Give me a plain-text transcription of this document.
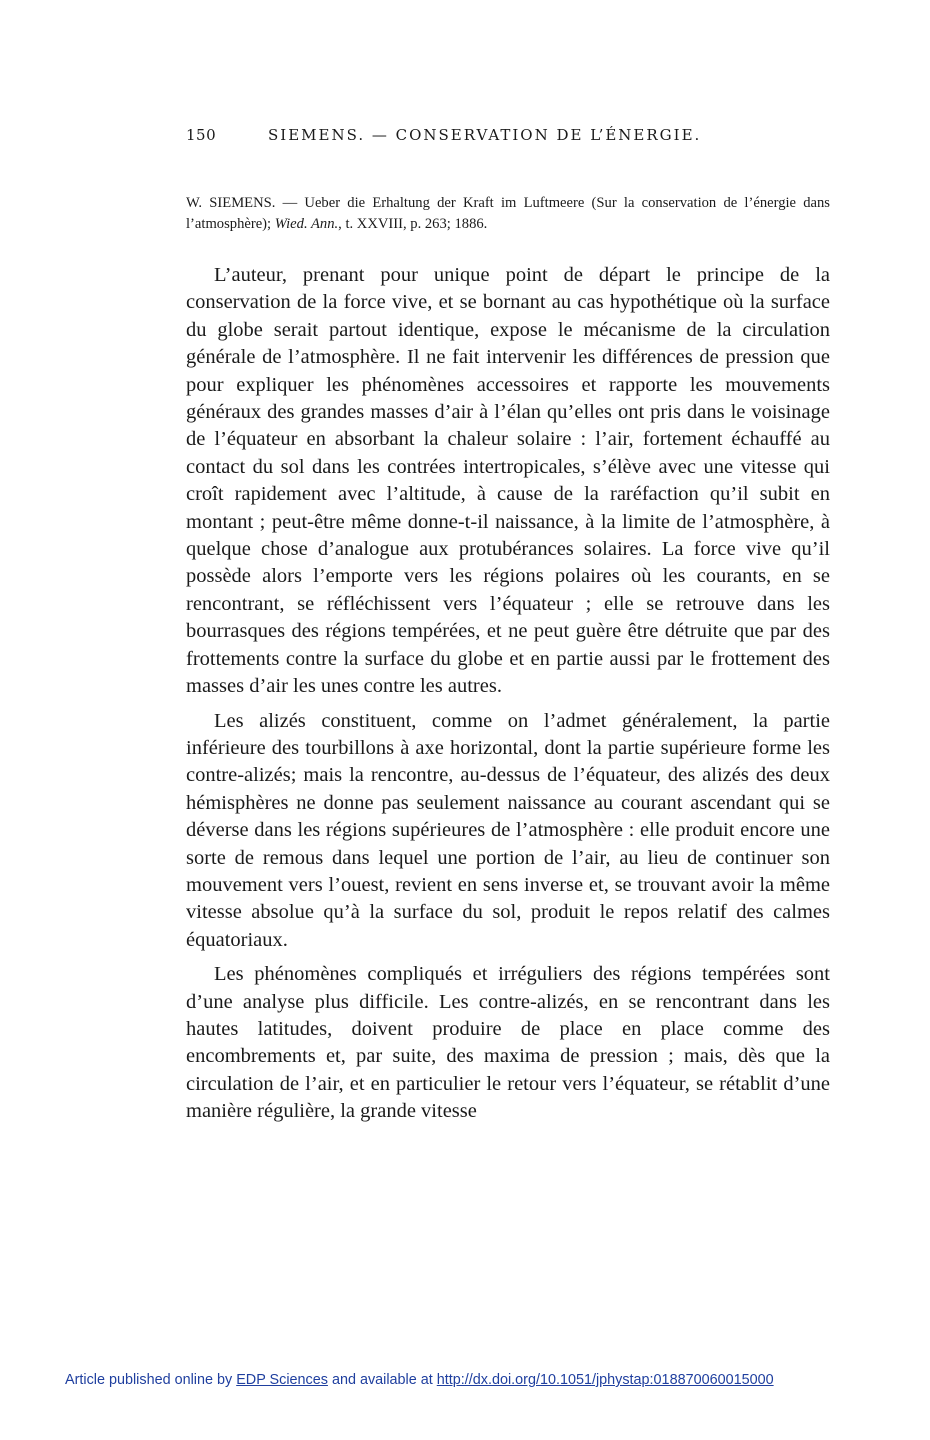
150	SIEMENS. — CONSERVATION DE L’ÉNERGIE.
W. SIEMENS. — Ueber die Erhaltung der Kraft im Luftmeere (Sur la conservation de l’énergie dans l’atmosphère); Wied. Ann., t. XXVIII, p. 263; 1886.

L’auteur, prenant pour unique point de départ le principe de la conservation de la force vive, et se bornant au cas hypothétique où la surface du globe serait partout identique, expose le mécanisme de la circulation générale de l’atmosphère. Il ne fait intervenir les différences de pression que pour expliquer les phénomènes accessoires et rapporte les mouvements généraux des grandes masses d’air à l’élan qu’elles ont pris dans le voisinage de l’équateur en absorbant la chaleur solaire : l’air, fortement échauffé au contact du sol dans les contrées intertropicales, s’élève avec une vitesse qui croît rapidement avec l’altitude, à cause de la raréfaction qu’il subit en montant ; peut-être même donne-t-il naissance, à la limite de l’atmosphère, à quelque chose d’analogue aux protubérances solaires. La force vive qu’il possède alors l’emporte vers les régions polaires où les courants, en se rencontrant, se réfléchissent vers l’équateur ; elle se retrouve dans les bourrasques des régions tempérées, et ne peut guère être détruite que par des frottements contre la surface du globe et en partie aussi par le frottement des masses d’air les unes contre les autres.

Les alizés constituent, comme on l’admet généralement, la partie inférieure des tourbillons à axe horizontal, dont la partie supérieure forme les contre-alizés; mais la rencontre, au-dessus de l’équateur, des alizés des deux hémisphères ne donne pas seulement naissance au courant ascendant qui se déverse dans les régions supérieures de l’atmosphère : elle produit encore une sorte de remous dans lequel une portion de l’air, au lieu de continuer son mouvement vers l’ouest, revient en sens inverse et, se trouvant avoir la même vitesse absolue qu’à la surface du sol, produit le repos relatif des calmes équatoriaux.

Les phénomènes compliqués et irréguliers des régions tempérées sont d’une analyse plus difficile. Les contre-alizés, en se rencontrant dans les hautes latitudes, doivent produire de place en place comme des encombrements et, par suite, des maxima de pression ; mais, dès que la circulation de l’air, et en particulier le retour vers l’équateur, se rétablit d’une manière régulière, la grande vitesse

Article published online by EDP Sciences and available at http://dx.doi.org/10.1051/jphystap:018870060015000
